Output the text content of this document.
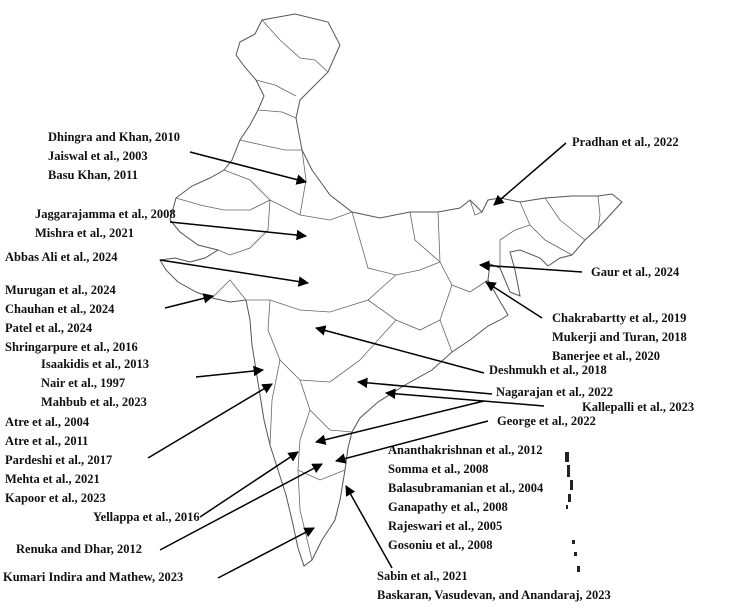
Dhingra and Khan, 2010
Jaiswal et al., 2003
Basu Khan, 2011
Pradhan et al., 2022
Jaggarajamma et al., 2008
Mishra et al., 2021
Abbas Ali et al., 2024
Gaur et al., 2024
Murugan et al., 2024
Chauhan et al., 2024
Patel et al., 2024
Shringarpure et al., 2016
Chakrabartty et al., 2019
Mukerji and Turan, 2018
Banerjee et al., 2020
Isaakidis et al., 2013
Nair et al., 1997
Mahbub et al., 2023
Deshmukh et al., 2018
Nagarajan et al., 2022
Kallepalli et al., 2023
Atre et al., 2004
Atre et al., 2011
Pardeshi et al., 2017
Mehta et al., 2021
Kapoor et al., 2023
George et al., 2022
Ananthakrishnan et al., 2012
Somma et al., 2008
Balasubramanian et al., 2004
Ganapathy et al., 2008
Rajeswari et al., 2005
Gosoniu et al., 2008
Yellappa et al., 2016
Renuka and Dhar, 2012
Kumari Indira and Mathew, 2023	Sabin et al., 2021
Baskaran, Vasudevan, and Anandaraj, 2023
